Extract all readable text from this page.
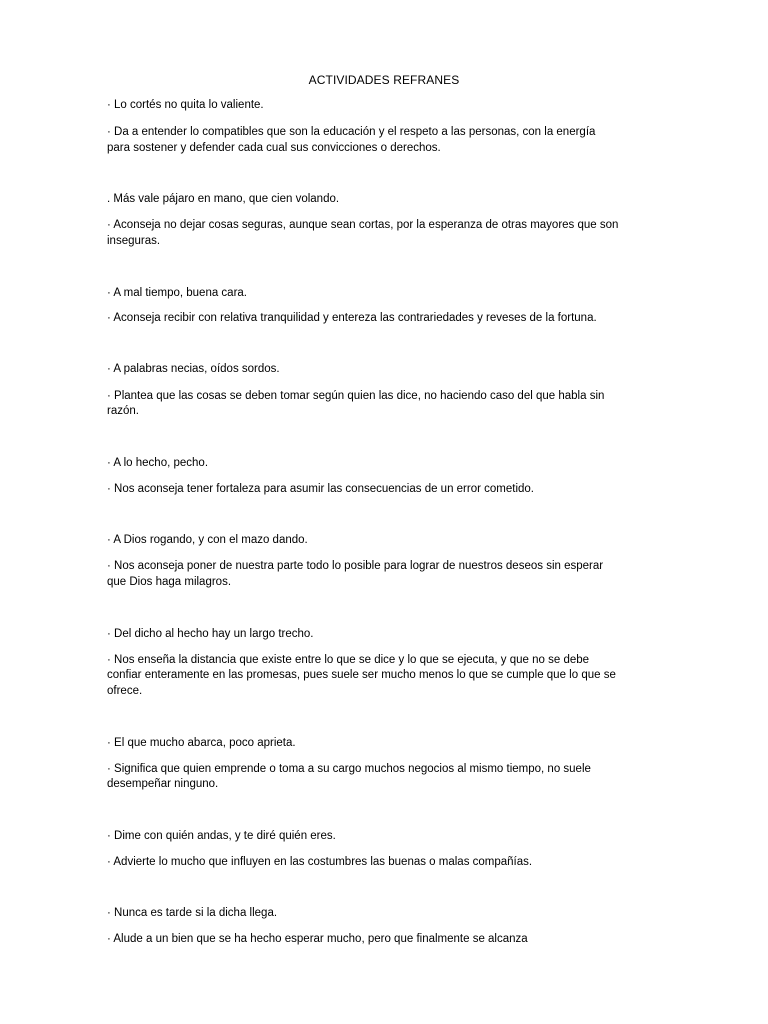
ACTIVIDADES REFRANES
· Lo cortés no quita lo valiente.
· Da a entender lo compatibles que son la educación y el respeto a las personas, con la energía
para sostener y defender cada cual sus convicciones o derechos.
. Más vale pájaro en mano, que cien volando.
· Aconseja no dejar cosas seguras, aunque sean cortas, por la esperanza de otras mayores que son
inseguras.
· A mal tiempo, buena cara.
· Aconseja recibir con relativa tranquilidad y entereza las contrariedades y reveses de la fortuna.
· A palabras necias, oídos sordos.
· Plantea que las cosas se deben tomar según quien las dice, no haciendo caso del que habla sin
razón.
· A lo hecho, pecho.
· Nos aconseja tener fortaleza para asumir las consecuencias de un error cometido.
· A Dios rogando, y con el mazo dando.
· Nos aconseja poner de nuestra parte todo lo posible para lograr de nuestros deseos sin esperar
que Dios haga milagros.
· Del dicho al hecho hay un largo trecho.
· Nos enseña la distancia que existe entre lo que se dice y lo que se ejecuta, y que no se debe
confiar enteramente en las promesas, pues suele ser mucho menos lo que se cumple que lo que se
ofrece.
· El que mucho abarca, poco aprieta.
· Significa que quien emprende o toma a su cargo muchos negocios al mismo tiempo, no suele
desempeñar ninguno.
· Dime con quién andas, y te diré quién eres.
· Advierte lo mucho que influyen en las costumbres las buenas o malas compañías.
· Nunca es tarde si la dicha llega.
· Alude a un bien que se ha hecho esperar mucho, pero que finalmente se alcanza
